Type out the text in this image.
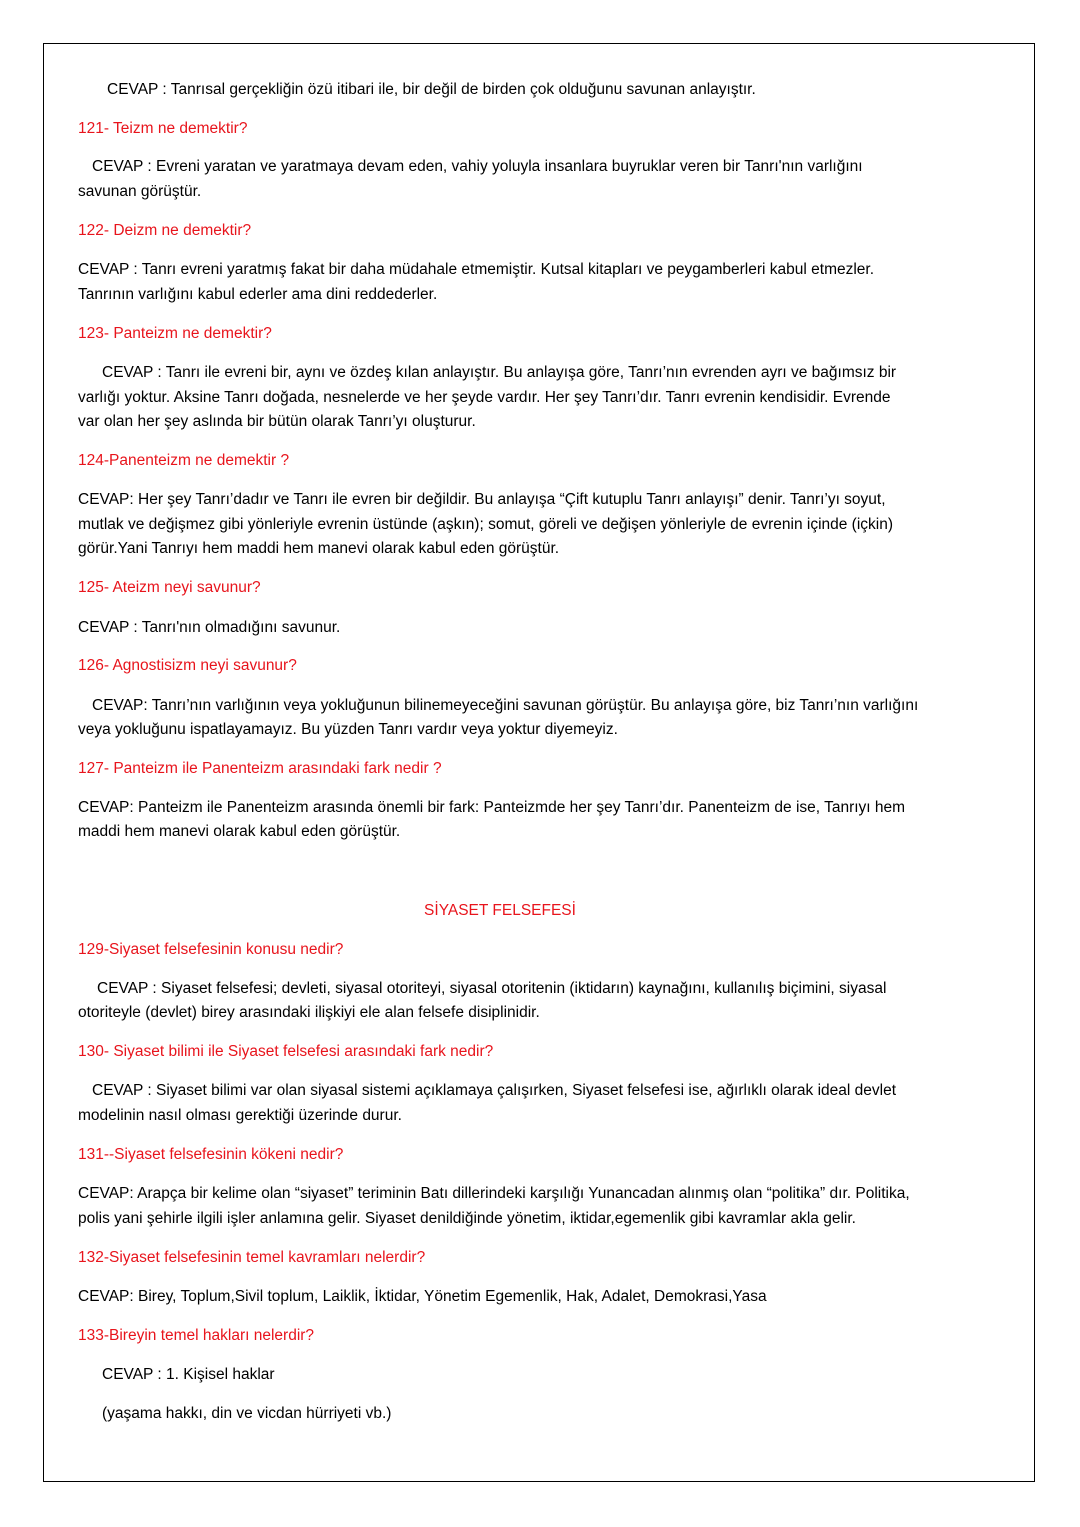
CEVAP : Tanrısal gerçekliğin özü itibari ile, bir değil de birden çok olduğunu savunan anlayıştır.
121- Teizm ne demektir?
CEVAP : Evreni yaratan ve yaratmaya devam eden, vahiy yoluyla insanlara buyruklar veren bir Tanrı'nın varlığını
savunan görüştür.
122- Deizm ne demektir?
CEVAP : Tanrı evreni yaratmış fakat bir daha müdahale etmemiştir. Kutsal kitapları ve peygamberleri kabul etmezler.
Tanrının varlığını kabul ederler ama dini reddederler.
123- Panteizm ne demektir?
CEVAP : Tanrı ile evreni bir, aynı ve özdeş kılan anlayıştır. Bu anlayışa göre, Tanrı’nın evrenden ayrı ve bağımsız bir
varlığı yoktur. Aksine Tanrı doğada, nesnelerde ve her şeyde vardır. Her şey Tanrı’dır. Tanrı evrenin kendisidir. Evrende
var olan her şey aslında bir bütün olarak Tanrı’yı oluşturur.
124-Panenteizm ne demektir ?
CEVAP: Her şey Tanrı’dadır ve Tanrı ile evren bir değildir. Bu anlayışa “Çift kutuplu Tanrı anlayışı” denir. Tanrı’yı soyut,
mutlak ve değişmez gibi yönleriyle evrenin üstünde (aşkın); somut, göreli ve değişen yönleriyle de evrenin içinde (içkin)
görür.Yani Tanrıyı hem maddi hem manevi olarak kabul eden görüştür.
125- Ateizm neyi savunur?
CEVAP : Tanrı'nın olmadığını savunur.
126- Agnostisizm neyi savunur?
CEVAP: Tanrı’nın varlığının veya yokluğunun bilinemeyeceğini savunan görüştür. Bu anlayışa göre, biz Tanrı’nın varlığını
veya yokluğunu ispatlayamayız. Bu yüzden Tanrı vardır veya yoktur diyemeyiz.
127- Panteizm ile Panenteizm arasındaki fark nedir ?
CEVAP: Panteizm ile Panenteizm arasında önemli bir fark: Panteizmde her şey Tanrı’dır. Panenteizm de ise, Tanrıyı hem
maddi hem manevi olarak kabul eden görüştür.
SİYASET FELSEFESİ
129-Siyaset felsefesinin konusu nedir?
CEVAP : Siyaset felsefesi; devleti, siyasal otoriteyi, siyasal otoritenin (iktidarın) kaynağını, kullanılış biçimini, siyasal
otoriteyle (devlet) birey arasındaki ilişkiyi ele alan felsefe disiplinidir.
130- Siyaset bilimi ile Siyaset felsefesi arasındaki fark nedir?
CEVAP : Siyaset bilimi var olan siyasal sistemi açıklamaya çalışırken, Siyaset felsefesi ise, ağırlıklı olarak ideal devlet
modelinin nasıl olması gerektiği üzerinde durur.
131--Siyaset felsefesinin kökeni nedir?
CEVAP: Arapça bir kelime olan “siyaset” teriminin Batı dillerindeki karşılığı Yunancadan alınmış olan “politika” dır. Politika,
polis yani şehirle ilgili işler anlamına gelir. Siyaset denildiğinde yönetim, iktidar,egemenlik gibi kavramlar akla gelir.
132-Siyaset felsefesinin temel kavramları nelerdir?
CEVAP: Birey, Toplum,Sivil toplum, Laiklik, İktidar, Yönetim Egemenlik, Hak, Adalet, Demokrasi,Yasa
133-Bireyin temel hakları nelerdir?
CEVAP : 1. Kişisel haklar
(yaşama hakkı, din ve vicdan hürriyeti vb.)
